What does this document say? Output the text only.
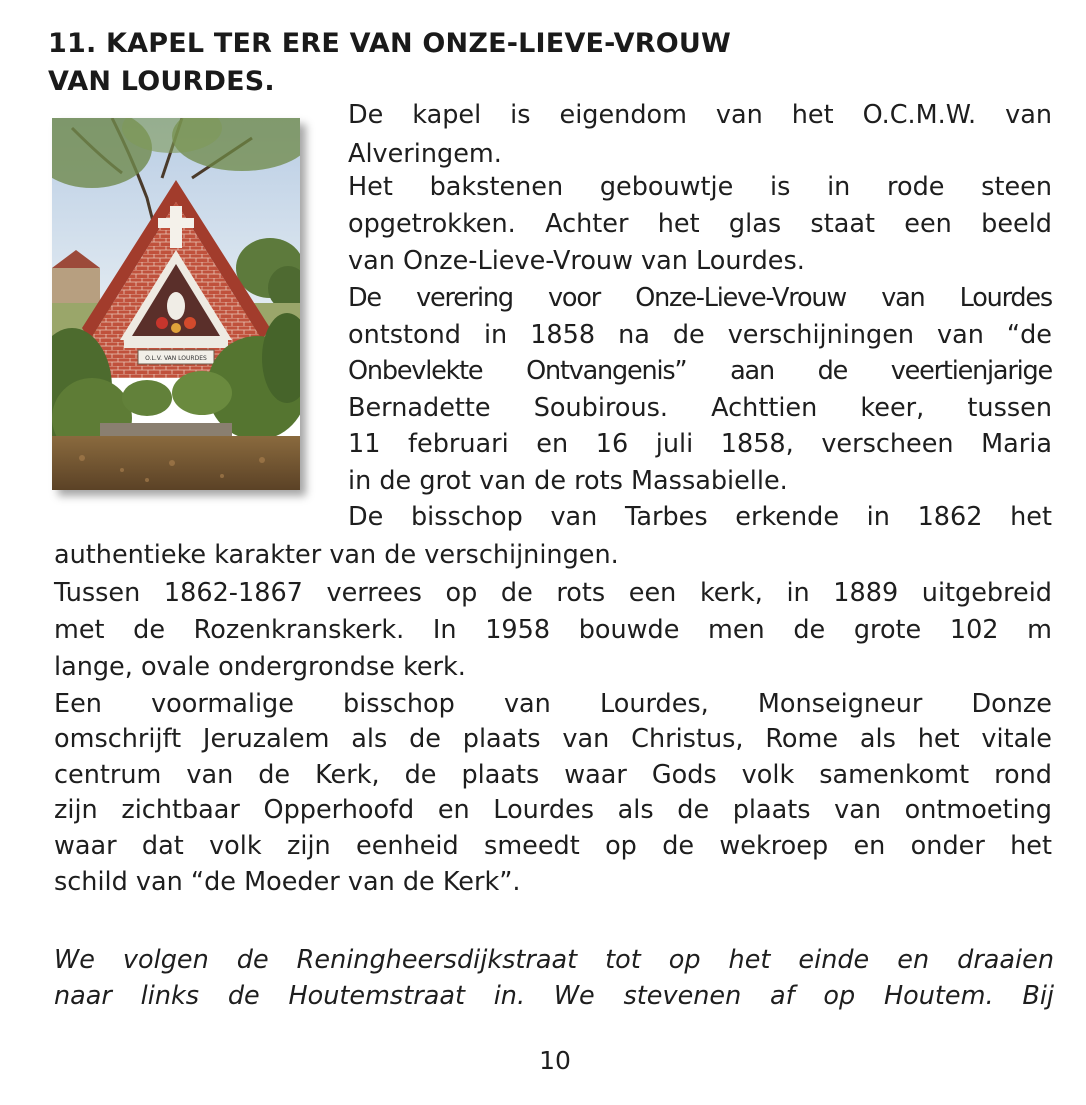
11. KAPEL TER ERE VAN ONZE-LIEVE-VROUW
VAN LOURDES.
O.L.V. VAN LOURDES
De kapel is eigendom van het O.C.M.W. van
Alveringem.
Het bakstenen gebouwtje is in rode steen
opgetrokken. Achter het glas staat een beeld
van Onze-Lieve-Vrouw van Lourdes.
De verering voor Onze-Lieve-Vrouw van Lourdes
ontstond in 1858 na de verschijningen van “de
Onbevlekte Ontvangenis” aan de veertienjarige
Bernadette Soubirous. Achttien keer, tussen
11 februari en 16 juli 1858, verscheen Maria
in de grot van de rots Massabielle.
De bisschop van Tarbes erkende in 1862 het
authentieke karakter van de verschijningen.
Tussen 1862-1867 verrees op de rots een kerk, in 1889 uitgebreid
met de Rozenkranskerk. In 1958 bouwde men de grote 102 m
lange, ovale ondergrondse kerk.
Een voormalige bisschop van Lourdes, Monseigneur Donze
omschrijft Jeruzalem als de plaats van Christus, Rome als het vitale
centrum van de Kerk, de plaats waar Gods volk samenkomt rond
zijn zichtbaar Opperhoofd en Lourdes als de plaats van ontmoeting
waar dat volk zijn eenheid smeedt op de wekroep en onder het
schild van “de Moeder van de Kerk”.
We volgen de Reningheersdijkstraat tot op het einde en draaien
naar links de Houtemstraat in. We stevenen af op Houtem. Bij
10
